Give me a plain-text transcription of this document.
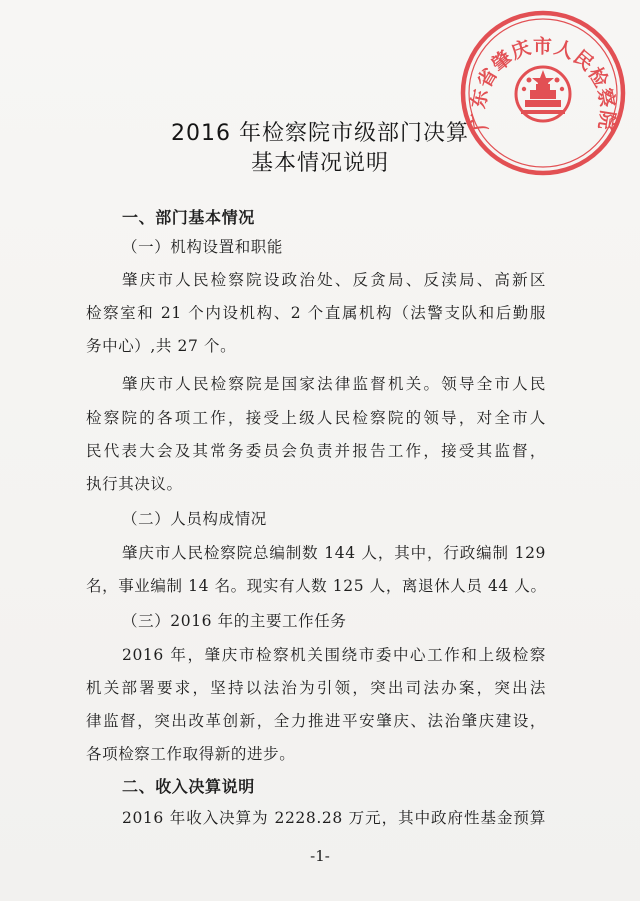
广东省肇庆市人民检察院
2016 年检察院市级部门决算
基本情况说明
一、部门基本情况
（一）机构设置和职能
肇庆市人民检察院设政治处、反贪局、反渎局、高新区
检察室和 21 个内设机构、2 个直属机构（法警支队和后勤服
务中心）,共 27 个。
肇庆市人民检察院是国家法律监督机关。领导全市人民
检察院的各项工作，接受上级人民检察院的领导，对全市人
民代表大会及其常务委员会负责并报告工作，接受其监督，
执行其决议。
（二）人员构成情况
肇庆市人民检察院总编制数 144 人，其中，行政编制 129
名，事业编制 14 名。现实有人数 125 人，离退休人员 44 人。
（三）2016 年的主要工作任务
2016 年，肇庆市检察机关围绕市委中心工作和上级检察
机关部署要求，坚持以法治为引领，突出司法办案，突出法
律监督，突出改革创新，全力推进平安肇庆、法治肇庆建设，
各项检察工作取得新的进步。
二、收入决算说明
2016 年收入决算为 2228.28 万元，其中政府性基金预算
-1-
